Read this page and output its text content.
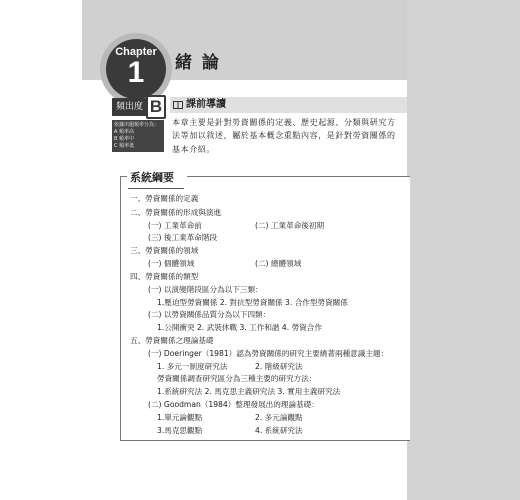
Chapter
1	緒 論
頻出度 B
依據出題頻率分為：
A 頻率高
B 頻率中
C 頻率低
課前導讀
本章主要是針對勞資關係的定義、歷史起源、分類與研究方
法等加以敘述，屬於基本概念重點內容，是針對勞資關係的
基本介紹。
系統綱要
一、勞資關係的定義
二、勞資關係的形成與演進
(一) 工業革命前	(二) 工業革命後初期
(三) 後工業革命階段
三、勞資關係的領域
(一) 個體領域	(二) 總體領域
四、勞資關係的類型
(一) 以演變階段區分為以下三類：
1.壓迫型勞資關係 2. 對抗型勞資關係 3. 合作型勞資關係
(二) 以勞資關係品質分為以下四類：
1.公開衝突 2. 武裝休戰 3. 工作和諧 4. 勞資合作
五、勞資關係之理論基礎
(一) Doeringer（1981）認為勞資關係的研究主要繞著兩種意識主題：
1. 多元一制度研究法	2. 階級研究法
勞資關係調查研究區分為三種主要的研究方法：
1.系統研究法 2. 馬克思主義研究法 3. 實用主義研究法
(二) Goodman（1984）整理發展出的理論基礎：
1.單元論觀點	2. 多元論觀點
3.馬克思觀點	4. 系統研究法
